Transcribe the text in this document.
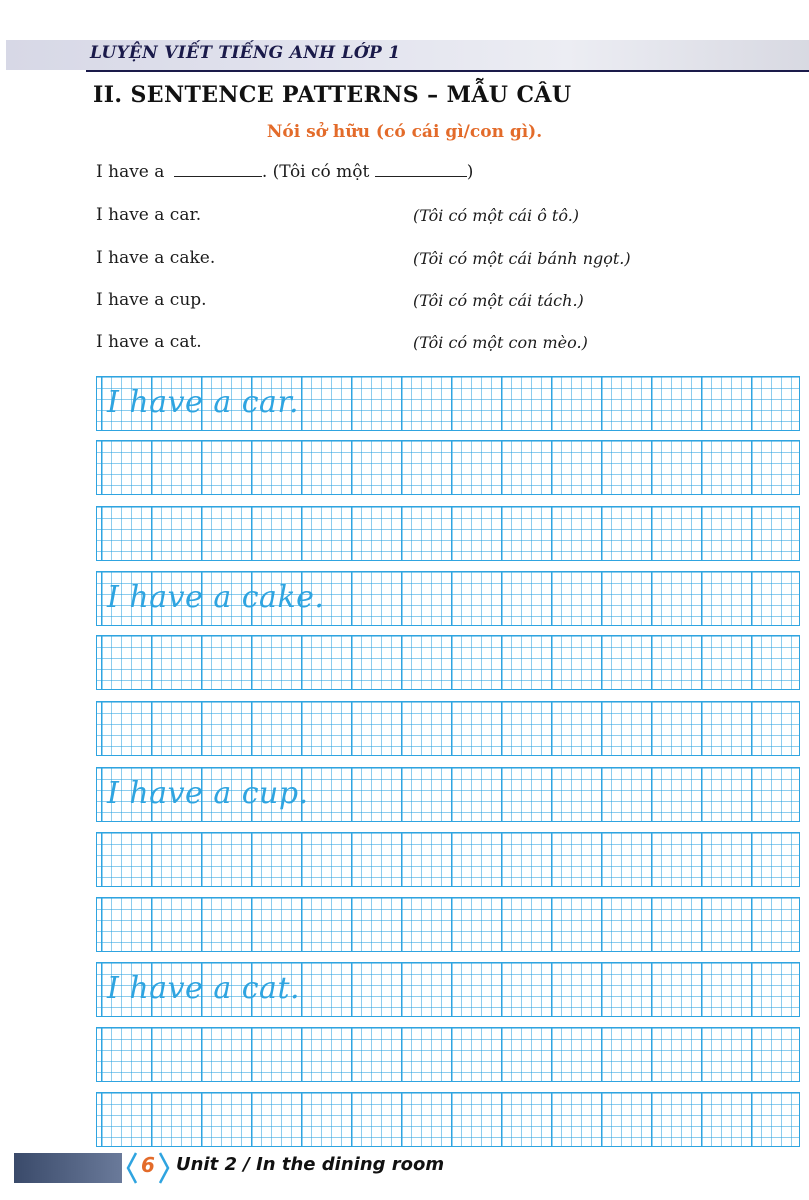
LUYỆN VIẾT TIẾNG ANH LỚP 1
II. SENTENCE PATTERNS – MẪU CÂU
Nói sở hữu (có cái gì/con gì).
I have a	. (Tôi có một	)
I have a car.	(Tôi có một cái ô tô.)
I have a cake.	(Tôi có một cái bánh ngọt.)
I have a cup.	(Tôi có một cái tách.)
I have a cat.	(Tôi có một con mèo.)
I have a car.
I have a cake.
I have a cup.
I have a cat.
6	Unit 2 / In the dining room
